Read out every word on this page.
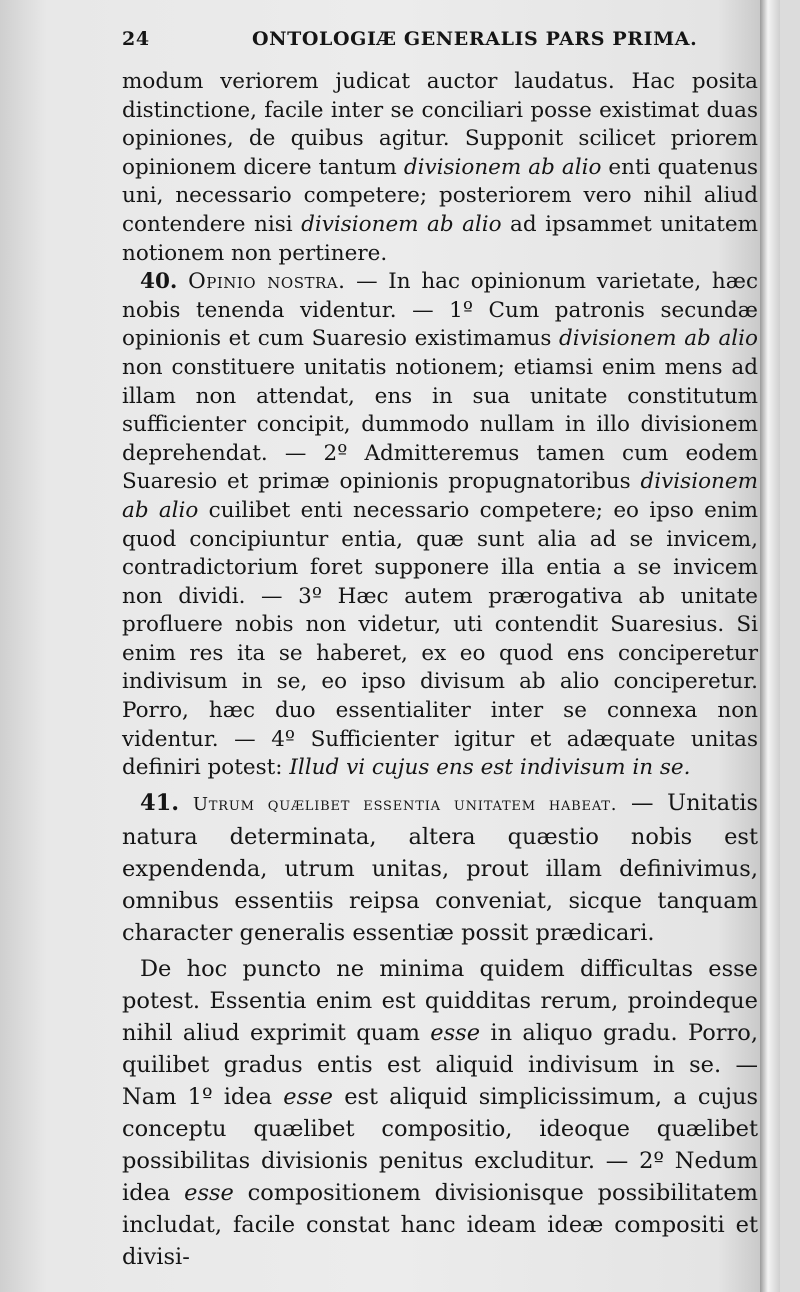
24	ONTOLOGIÆ GENERALIS PARS PRIMA.

modum veriorem judicat auctor laudatus. Hac posita distinctione, facile inter se conciliari posse existimat duas opiniones, de quibus agitur. Supponit scilicet priorem opinionem dicere tantum divisionem ab alio enti quatenus uni, necessario competere; posteriorem vero nihil aliud contendere nisi divisionem ab alio ad ipsammet unitatem notionem non pertinere.

40. Opinio nostra. — In hac opinionum varietate, hæc nobis tenenda videntur. — 1º Cum patronis secundæ opinionis et cum Suaresio existimamus divisionem ab alio non constituere unitatis notionem; etiamsi enim mens ad illam non attendat, ens in sua unitate constitutum sufficienter concipit, dummodo nullam in illo divisionem deprehendat. — 2º Admitteremus tamen cum eodem Suaresio et primæ opinionis propugnatoribus divisionem ab alio cuilibet enti necessario competere; eo ipso enim quod concipiuntur entia, quæ sunt alia ad se invicem, contradictorium foret supponere illa entia a se invicem non dividi. — 3º Hæc autem prærogativa ab unitate profluere nobis non videtur, uti contendit Suaresius. Si enim res ita se haberet, ex eo quod ens conciperetur indivisum in se, eo ipso divisum ab alio conciperetur. Porro, hæc duo essentialiter inter se connexa non videntur. — 4º Sufficienter igitur et adæquate unitas definiri potest: Illud vi cujus ens est indivisum in se.

41. Utrum quælibet essentia unitatem habeat. — Unitatis natura determinata, altera quæstio nobis est expendenda, utrum unitas, prout illam definivimus, omnibus essentiis reipsa conveniat, sicque tanquam character generalis essentiæ possit prædicari.

De hoc puncto ne minima quidem difficultas esse potest. Essentia enim est quidditas rerum, proindeque nihil aliud exprimit quam esse in aliquo gradu. Porro, quilibet gradus entis est aliquid indivisum in se. — Nam 1º idea esse est aliquid simplicissimum, a cujus conceptu quælibet compositio, ideoque quælibet possibilitas divisionis penitus excluditur. — 2º Nedum idea esse compositionem divisionisque possibilitatem includat, facile constat hanc ideam ideæ compositi et divisi-
